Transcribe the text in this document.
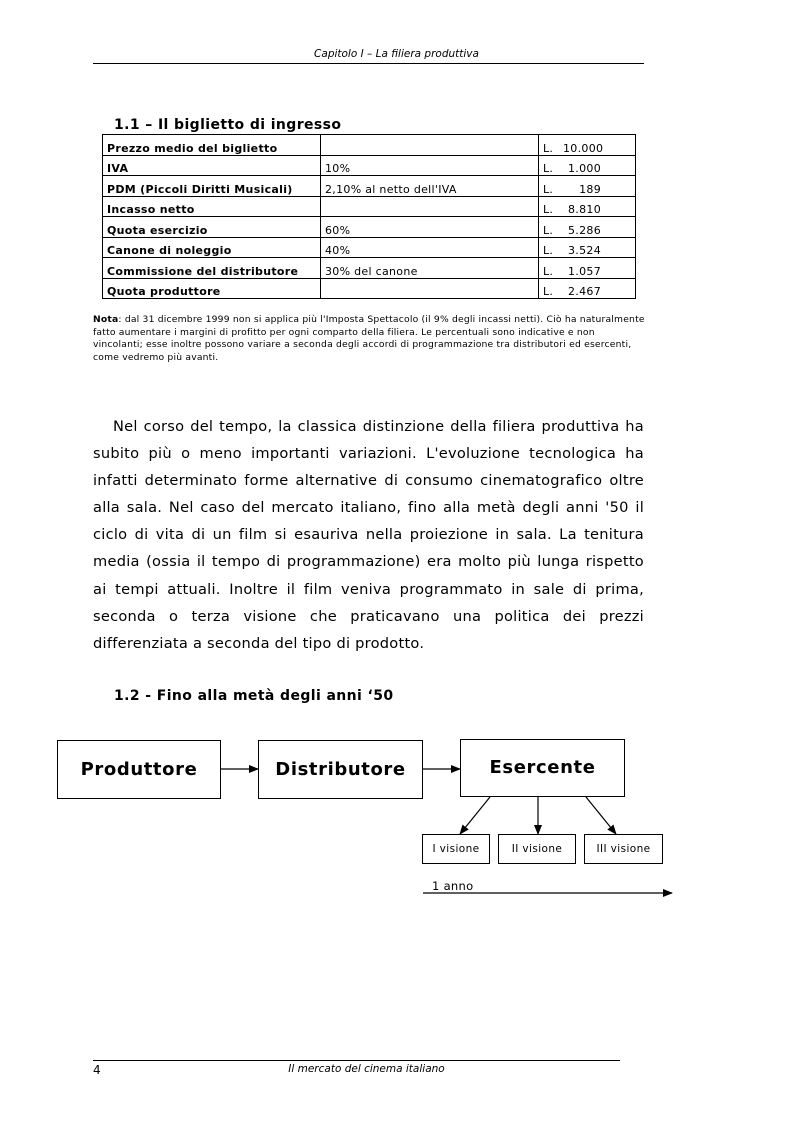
Capitolo I – La filiera produttiva
1.1 – Il biglietto di ingresso
Prezzo medio del biglietto		L. 10.000
IVA	10%	L. 1.000
PDM (Piccoli Diritti Musicali)	2,10% al netto dell'IVA	L. 189
Incasso netto		L. 8.810
Quota esercizio	60%	L. 5.286
Canone di noleggio	40%	L. 3.524
Commissione del distributore	30% del canone	L. 1.057
Quota produttore		L. 2.467
Nota: dal 31 dicembre 1999 non si applica più l'Imposta Spettacolo (il 9% degli incassi netti). Ciò ha naturalmente fatto aumentare i margini di profitto per ogni comparto della filiera. Le percentuali sono indicative e non vincolanti; esse inoltre possono variare a seconda degli accordi di programmazione tra distributori ed esercenti, come vedremo più avanti.
Nel corso del tempo, la classica distinzione della filiera produttiva ha subito più o meno importanti variazioni. L'evoluzione tecnologica ha infatti determinato forme alternative di consumo cinematografico oltre alla sala. Nel caso del mercato italiano, fino alla metà degli anni '50 il ciclo di vita di un film si esauriva nella proiezione in sala. La tenitura media (ossia il tempo di programmazione) era molto più lunga rispetto ai tempi attuali. Inoltre il film veniva programmato in sale di prima, seconda o terza visione che praticavano una politica dei prezzi differenziata a seconda del tipo di prodotto.
1.2 - Fino alla metà degli anni ‘50
Produttore	Distributore	Esercente
I visione	II visione	III visione
1 anno
4	Il mercato del cinema italiano
